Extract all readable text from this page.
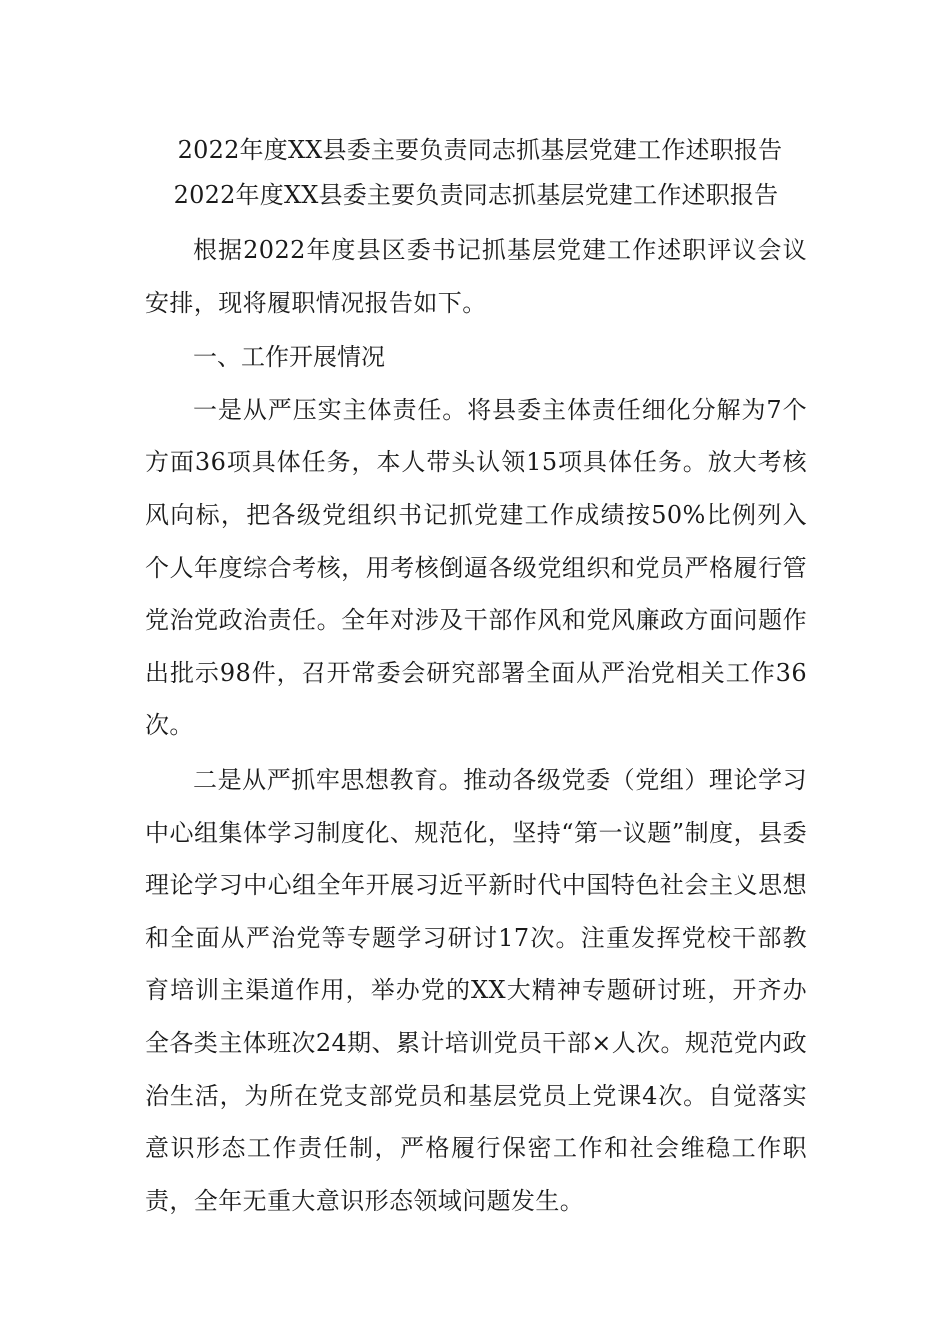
2022年度XX县委主要负责同志抓基层党建工作述职报告
2022年度XX县委主要负责同志抓基层党建工作述职报告

根据2022年度县区委书记抓基层党建工作述职评议会议安排，现将履职情况报告如下。

一、工作开展情况

一是从严压实主体责任。将县委主体责任细化分解为7个方面36项具体任务，本人带头认领15项具体任务。放大考核风向标，把各级党组织书记抓党建工作成绩按50%比例列入个人年度综合考核，用考核倒逼各级党组织和党员严格履行管党治党政治责任。全年对涉及干部作风和党风廉政方面问题作出批示98件，召开常委会研究部署全面从严治党相关工作36次。

二是从严抓牢思想教育。推动各级党委（党组）理论学习中心组集体学习制度化、规范化，坚持“第一议题”制度，县委理论学习中心组全年开展习近平新时代中国特色社会主义思想和全面从严治党等专题学习研讨17次。注重发挥党校干部教育培训主渠道作用，举办党的XX大精神专题研讨班，开齐办全各类主体班次24期、累计培训党员干部×人次。规范党内政治生活，为所在党支部党员和基层党员上党课4次。自觉落实意识形态工作责任制，严格履行保密工作和社会维稳工作职责，全年无重大意识形态领域问题发生。
